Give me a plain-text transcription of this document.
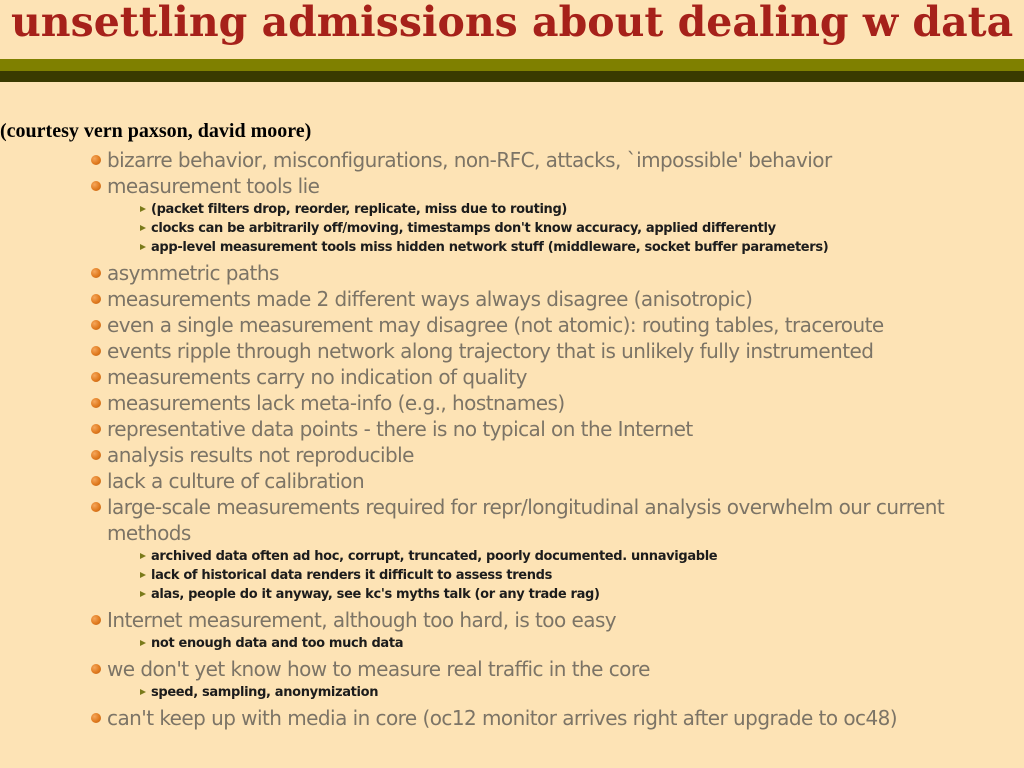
unsettling admissions about dealing w data

(courtesy vern paxson, david moore)

bizarre behavior, misconfigurations, non-RFC, attacks, `impossible' behavior
measurement tools lie
(packet filters drop, reorder, replicate, miss due to routing)
clocks can be arbitrarily off/moving, timestamps don't know accuracy, applied differently
app-level measurement tools miss hidden network stuff (middleware, socket buffer parameters)
asymmetric paths
measurements made 2 different ways always disagree (anisotropic)
even a single measurement may disagree (not atomic): routing tables, traceroute
events ripple through network along trajectory that is unlikely fully instrumented
measurements carry no indication of quality
measurements lack meta-info (e.g., hostnames)
representative data points - there is no typical on the Internet
analysis results not reproducible
lack a culture of calibration
large-scale measurements required for repr/longitudinal analysis overwhelm our current methods
archived data often ad hoc, corrupt, truncated, poorly documented. unnavigable
lack of historical data renders it difficult to assess trends
alas, people do it anyway, see kc's myths talk (or any trade rag)
Internet measurement, although too hard, is too easy
not enough data and too much data
we don't yet know how to measure real traffic in the core
speed, sampling, anonymization
can't keep up with media in core (oc12 monitor arrives right after upgrade to oc48)
